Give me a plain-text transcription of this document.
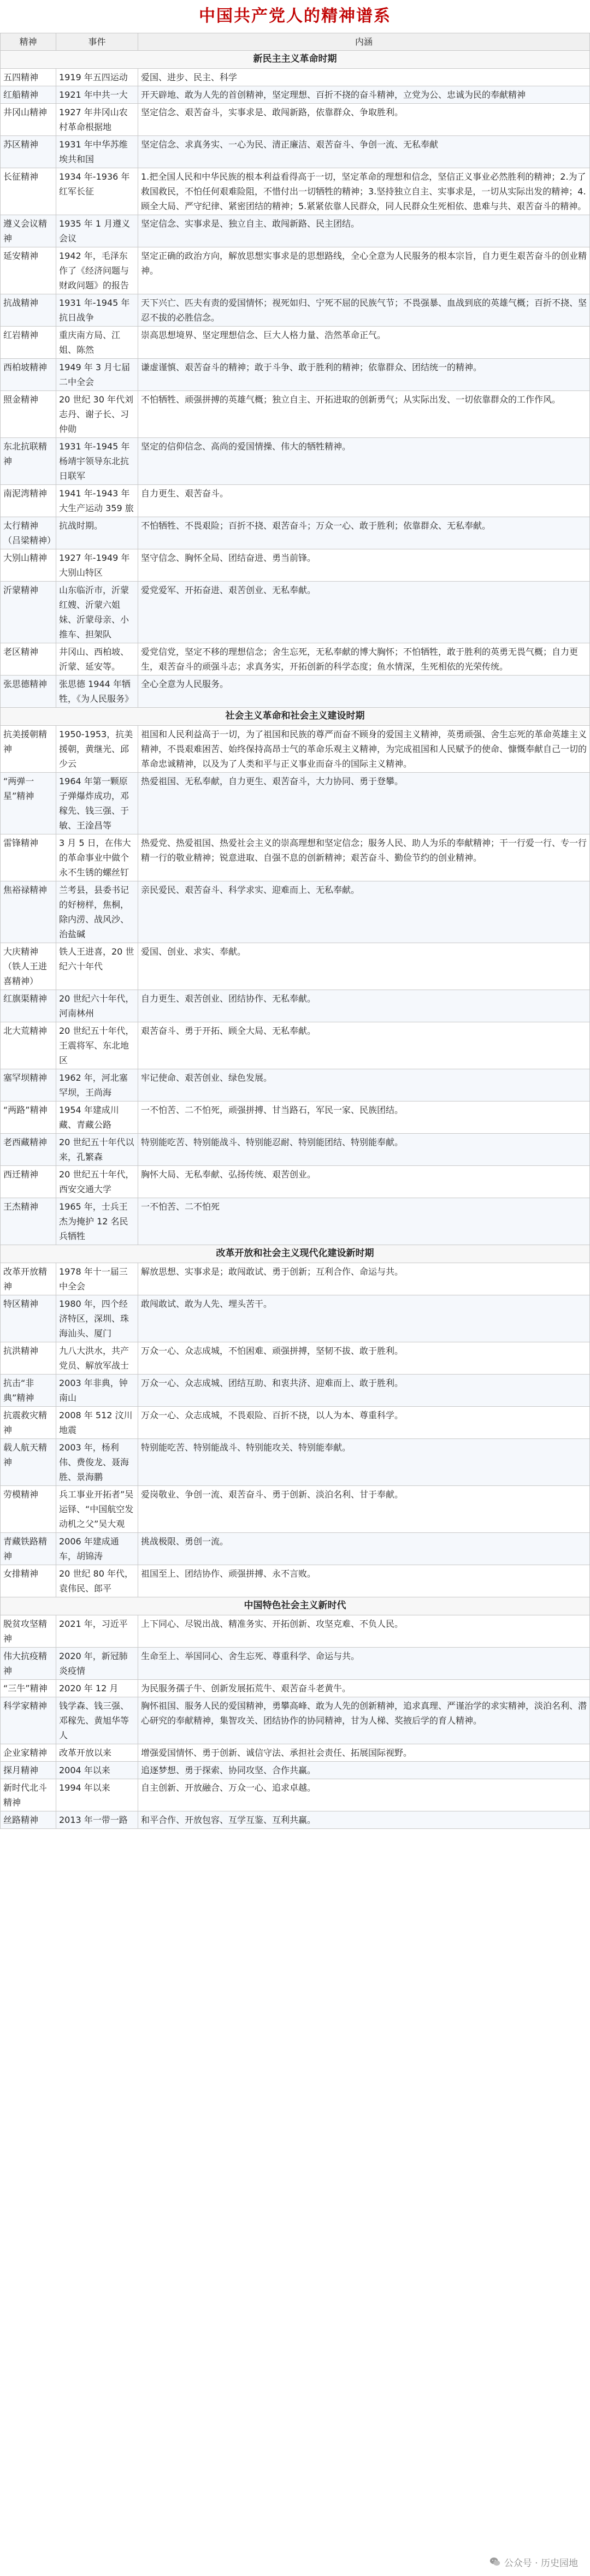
中国共产党人的精神谱系
精神	事件	内涵
新民主主义革命时期		
五四精神	1919 年五四运动	爱国、进步、民主、科学
红船精神	1921 年中共一大	开天辟地、敢为人先的首创精神，坚定理想、百折不挠的奋斗精神，立党为公、忠诚为民的奉献精神
井冈山精神	1927 年井冈山农村革命根据地	坚定信念、艰苦奋斗，实事求是、敢闯新路，依靠群众、争取胜利。
苏区精神	1931 年中华苏维埃共和国	坚定信念、求真务实、一心为民、清正廉洁、艰苦奋斗、争创一流、无私奉献
长征精神	1934 年-1936 年红军长征	1.把全国人民和中华民族的根本利益看得高于一切，坚定革命的理想和信念，坚信正义事业必然胜利的精神；2.为了救国救民，不怕任何艰难险阻，不惜付出一切牺牲的精神；3.坚持独立自主、实事求是，一切从实际出发的精神；4.顾全大局、严守纪律、紧密团结的精神；5.紧紧依靠人民群众，同人民群众生死相依、患难与共、艰苦奋斗的精神。
遵义会议精神	1935 年 1 月遵义会议	坚定信念、实事求是、独立自主、敢闯新路、民主团结。
延安精神	1942 年，毛泽东作了《经济问题与财政问题》的报告	坚定正确的政治方向，解放思想实事求是的思想路线，全心全意为人民服务的根本宗旨，自力更生艰苦奋斗的创业精神。
抗战精神	1931 年-1945 年抗日战争	天下兴亡、匹夫有责的爱国情怀；视死如归、宁死不屈的民族气节；不畏强暴、血战到底的英雄气概；百折不挠、坚忍不拔的必胜信念。
红岩精神	重庆南方局、江姐、陈然	崇高思想境界、坚定理想信念、巨大人格力量、浩然革命正气。
西柏坡精神	1949 年 3 月七届二中全会	谦虚谨慎、艰苦奋斗的精神；敢于斗争、敢于胜利的精神；依靠群众、团结统一的精神。
照金精神	20 世纪 30 年代刘志丹、谢子长、习仲勋	不怕牺牲、顽强拼搏的英雄气概；独立自主、开拓进取的创新勇气；从实际出发、一切依靠群众的工作作风。
东北抗联精神	1931 年-1945 年杨靖宇领导东北抗日联军	坚定的信仰信念、高尚的爱国情操、伟大的牺牲精神。
南泥湾精神	1941 年-1943 年大生产运动 359 旅	自力更生、艰苦奋斗。
太行精神（吕梁精神）	抗战时期。	不怕牺牲、不畏艰险；百折不挠、艰苦奋斗；万众一心、敢于胜利；依靠群众、无私奉献。
大别山精神	1927 年-1949 年大别山特区	坚守信念、胸怀全局、团结奋进、勇当前锋。
沂蒙精神	山东临沂市，沂蒙红嫂、沂蒙六姐妹、沂蒙母亲、小推车、担架队	爱党爱军、开拓奋进、艰苦创业、无私奉献。
老区精神	井冈山、西柏坡、沂蒙、延安等。	爱党信党，坚定不移的理想信念；舍生忘死，无私奉献的博大胸怀；不怕牺牲，敢于胜利的英勇无畏气概；自力更生，艰苦奋斗的顽强斗志；求真务实，开拓创新的科学态度；鱼水情深，生死相依的光荣传统。
张思德精神	张思德 1944 年牺牲，《为人民服务》	全心全意为人民服务。
社会主义革命和社会主义建设时期		
抗美援朝精神	1950-1953，抗美援朝，黄继光、邱少云	祖国和人民利益高于一切，为了祖国和民族的尊严而奋不顾身的爱国主义精神，英勇顽强、舍生忘死的革命英雄主义精神，不畏艰难困苦、始终保持高昂士气的革命乐观主义精神，为完成祖国和人民赋予的使命、慷慨奉献自己一切的革命忠诚精神，以及为了人类和平与正义事业而奋斗的国际主义精神。
“两弹一星”精神	1964 年第一颗原子弹爆炸成功，邓稼先、钱三强、于敏、王淦昌等	热爱祖国、无私奉献，自力更生、艰苦奋斗，大力协同、勇于登攀。
雷锋精神	3 月 5 日，在伟大的革命事业中做个永不生锈的螺丝钉	热爱党、热爱祖国、热爱社会主义的崇高理想和坚定信念；服务人民、助人为乐的奉献精神；干一行爱一行、专一行精一行的敬业精神；锐意进取、自强不息的创新精神；艰苦奋斗、勤俭节约的创业精神。
焦裕禄精神	兰考县，县委书记的好榜样，焦桐，除内涝、战风沙、治盐碱	亲民爱民、艰苦奋斗、科学求实、迎难而上、无私奉献。
大庆精神（铁人王进喜精神）	铁人王进喜，20 世纪六十年代	爱国、创业、求实、奉献。
红旗渠精神	20 世纪六十年代，河南林州	自力更生、艰苦创业、团结协作、无私奉献。
北大荒精神	20 世纪五十年代，王震将军、东北地区	艰苦奋斗、勇于开拓、顾全大局、无私奉献。
塞罕坝精神	1962 年，河北塞罕坝，王尚海	牢记使命、艰苦创业、绿色发展。
“两路”精神	1954 年建成川藏、青藏公路	一不怕苦、二不怕死，顽强拼搏、甘当路石，军民一家、民族团结。
老西藏精神	20 世纪五十年代以来，孔繁森	特别能吃苦、特别能战斗、特别能忍耐、特别能团结、特别能奉献。
西迁精神	20 世纪五十年代，西安交通大学	胸怀大局、无私奉献、弘扬传统、艰苦创业。
王杰精神	1965 年，士兵王杰为掩护 12 名民兵牺牲	一不怕苦、二不怕死
改革开放和社会主义现代化建设新时期		
改革开放精神	1978 年十一届三中全会	解放思想、实事求是；敢闯敢试、勇于创新；互利合作、命运与共。
特区精神	1980 年，四个经济特区，深圳、珠海汕头、厦门	敢闯敢试、敢为人先、埋头苦干。
抗洪精神	九八大洪水，共产党员、解放军战士	万众一心、众志成城，不怕困难、顽强拼搏，坚韧不拔、敢于胜利。
抗击“非典”精神	2003 年非典，钟南山	万众一心、众志成城、团结互助、和衷共济、迎难而上、敢于胜利。
抗震救灾精神	2008 年 512 汶川地震	万众一心、众志成城，不畏艰险、百折不挠，以人为本、尊重科学。
载人航天精神	2003 年，杨利伟、费俊龙、聂海胜、景海鹏	特别能吃苦、特别能战斗、特别能攻关、特别能奉献。
劳模精神	兵工事业开拓者”吴运铎、“中国航空发动机之父”吴大观	爱岗敬业、争创一流、艰苦奋斗、勇于创新、淡泊名利、甘于奉献。
青藏铁路精神	2006 年建成通车，胡锦涛	挑战极限、勇创一流。
女排精神	20 世纪 80 年代，袁伟民、郎平	祖国至上、团结协作、顽强拼搏、永不言败。
中国特色社会主义新时代		
脱贫攻坚精神	2021 年，习近平	上下同心、尽锐出战、精准务实、开拓创新、攻坚克难、不负人民。
伟大抗疫精神	2020 年，新冠肺炎疫情	生命至上、举国同心、舍生忘死、尊重科学、命运与共。
“三牛”精神	2020 年 12 月	为民服务孺子牛、创新发展拓荒牛、艰苦奋斗老黄牛。
科学家精神	钱学森、钱三强、邓稼先、黄旭华等人	胸怀祖国、服务人民的爱国精神，勇攀高峰、敢为人先的创新精神，追求真理、严谨治学的求实精神，淡泊名利、潜心研究的奉献精神，集智攻关、团结协作的协同精神，甘为人梯、奖掖后学的育人精神。
企业家精神	改革开放以来	增强爱国情怀、勇于创新、诚信守法、承担社会责任、拓展国际视野。
探月精神	2004 年以来	追逐梦想、勇于探索、协同攻坚、合作共赢。
新时代北斗精神	1994 年以来	自主创新、开放融合、万众一心、追求卓越。
丝路精神	2013 年一带一路	和平合作、开放包容、互学互鉴、互利共赢。
公众号 · 历史园地
